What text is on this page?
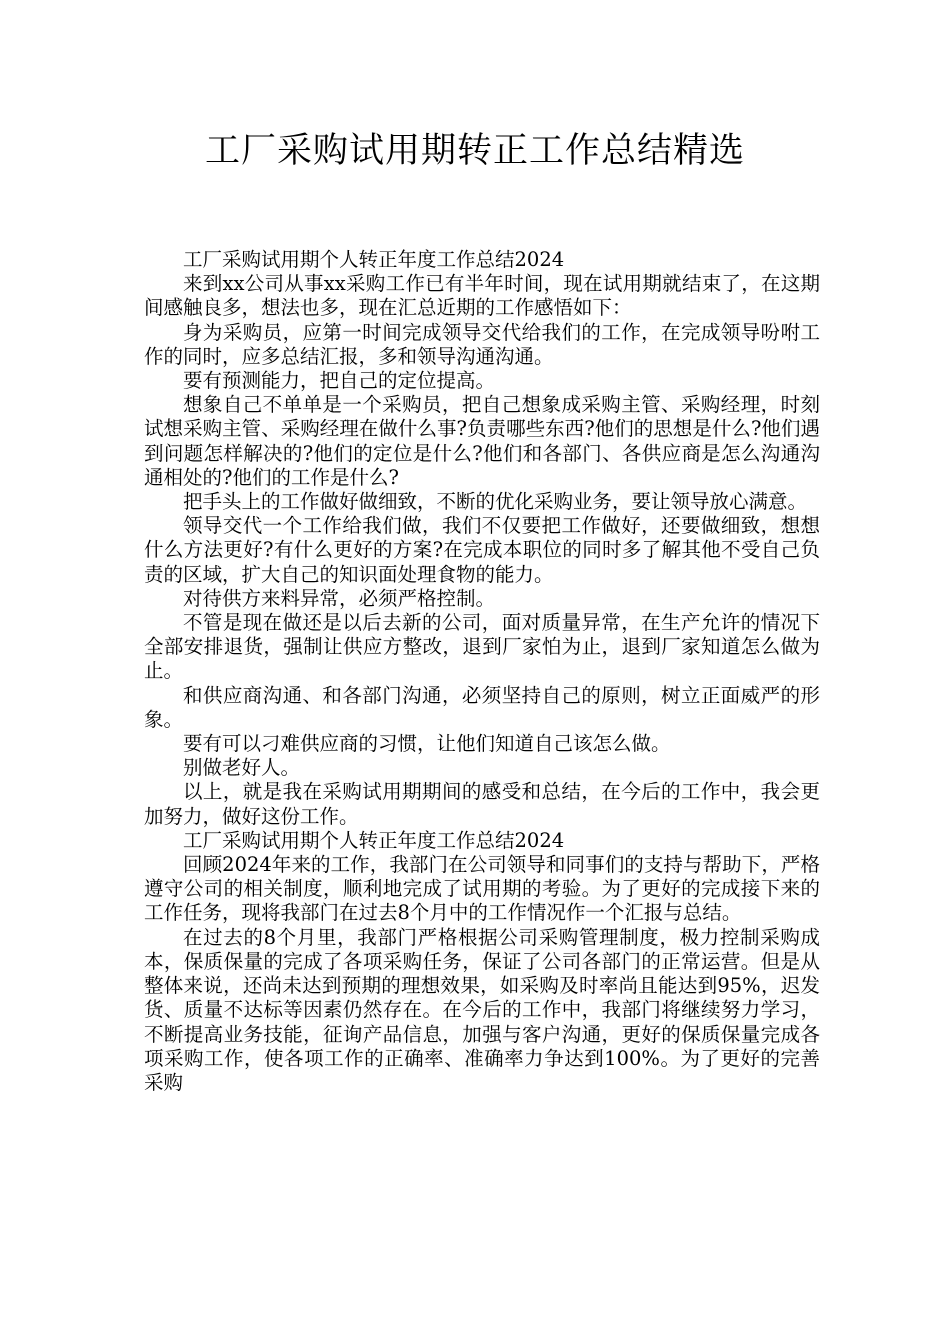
工厂采购试用期转正工作总结精选

工厂采购试用期个人转正年度工作总结2024

来到xx公司从事xx采购工作已有半年时间，现在试用期就结束了，在这期间感触良多，想法也多，现在汇总近期的工作感悟如下：

身为采购员，应第一时间完成领导交代给我们的工作，在完成领导吩咐工作的同时，应多总结汇报，多和领导沟通沟通。

要有预测能力，把自己的定位提高。

想象自己不单单是一个采购员，把自己想象成采购主管、采购经理，时刻试想采购主管、采购经理在做什么事?负责哪些东西?他们的思想是什么?他们遇到问题怎样解决的?他们的定位是什么?他们和各部门、各供应商是怎么沟通沟通相处的?他们的工作是什么?

把手头上的工作做好做细致，不断的优化采购业务，要让领导放心满意。

领导交代一个工作给我们做，我们不仅要把工作做好，还要做细致，想想什么方法更好?有什么更好的方案?在完成本职位的同时多了解其他不受自己负责的区域，扩大自己的知识面处理食物的能力。

对待供方来料异常，必须严格控制。

不管是现在做还是以后去新的公司，面对质量异常，在生产允许的情况下全部安排退货，强制让供应方整改，退到厂家怕为止，退到厂家知道怎么做为止。

和供应商沟通、和各部门沟通，必须坚持自己的原则，树立正面威严的形象。

要有可以刁难供应商的习惯，让他们知道自己该怎么做。

别做老好人。

以上，就是我在采购试用期期间的感受和总结，在今后的工作中，我会更加努力，做好这份工作。

工厂采购试用期个人转正年度工作总结2024

回顾2024年来的工作，我部门在公司领导和同事们的支持与帮助下，严格遵守公司的相关制度，顺利地完成了试用期的考验。为了更好的完成接下来的工作任务，现将我部门在过去8个月中的工作情况作一个汇报与总结。

在过去的8个月里，我部门严格根据公司采购管理制度，极力控制采购成本，保质保量的完成了各项采购任务，保证了公司各部门的正常运营。但是从整体来说，还尚未达到预期的理想效果，如采购及时率尚且能达到95%，迟发货、质量不达标等因素仍然存在。在今后的工作中，我部门将继续努力学习，不断提高业务技能，征询产品信息，加强与客户沟通，更好的保质保量完成各项采购工作，使各项工作的正确率、准确率力争达到100%。为了更好的完善采购
